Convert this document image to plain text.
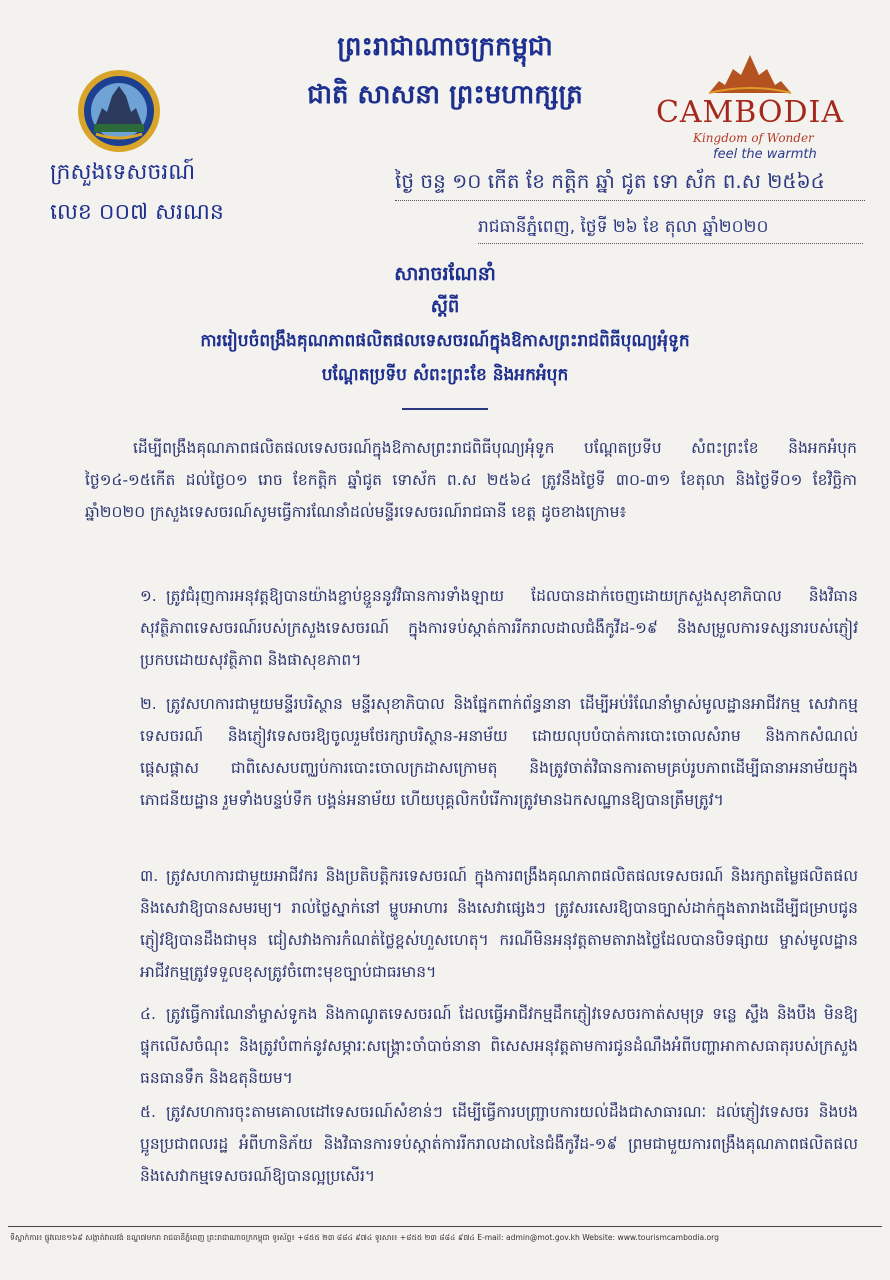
ព្រះរាជាណាចក្រកម្ពុជា
ជាតិ សាសនា ព្រះមហាក្សត្រ	CAMBODIA
Kingdom of Wonder
feel the warmth
ក្រសួងទេសចរណ៍
លេខ ០០៧ សរណន
ថ្ងៃ ចន្ទ ១០ កើត ខែ កត្តិក ឆ្នាំ ជូត ទោ ស័ក ព.ស ២៥៦៤
រាជធានីភ្នំពេញ, ថ្ងៃទី ២៦ ខែ តុលា ឆ្នាំ២០២០
សារាចរណែនាំ
ស្ដីពី
ការរៀបចំពង្រឹងគុណភាពផលិតផលទេសចរណ៍ក្នុងឱកាសព្រះរាជពិធីបុណ្យអុំទូក
បណ្ដែតប្រទីប សំពះព្រះខែ និងអកអំបុក
ដើម្បីពង្រឹងគុណភាពផលិតផលទេសចរណ៍ក្នុងឱកាសព្រះរាជពិធីបុណ្យអុំទូក បណ្ដែតប្រទីប សំពះព្រះខែ និងអកអំបុក ថ្ងៃ១៤-១៥កើត ដល់ថ្ងៃ០១ រោច ខែកត្តិក ឆ្នាំជូត ទោស័ក ព.ស ២៥៦៤ ត្រូវនឹងថ្ងៃទី ៣០-៣១ ខែតុលា និងថ្ងៃទី០១ ខែវិច្ឆិកា ឆ្នាំ២០២០ ក្រសួងទេសចរណ៍សូមធ្វើការណែនាំដល់មន្ទីរទេសចរណ៍រាជធានី ខេត្ត ដូចខាងក្រោម៖
១. ត្រូវជំរុញការអនុវត្តឱ្យបានយ៉ាងខ្ជាប់ខ្ជួននូវវិធានការទាំងឡាយ ដែលបានដាក់ចេញដោយក្រសួងសុខាភិបាល និងវិធានសុវត្ថិភាពទេសចរណ៍របស់ក្រសួងទេសចរណ៍ ក្នុងការទប់ស្កាត់ការរីករាលដាលជំងឺកូវីដ-១៩ និងសម្រួលការទស្សនារបស់ភ្ញៀវប្រកបដោយសុវត្ថិភាព និងផាសុខភាព។
២. ត្រូវសហការជាមួយមន្ទីរបរិស្ថាន មន្ទីរសុខាភិបាល និងផ្នែកពាក់ព័ន្ធនានា ដើម្បីអប់រំណែនាំម្ចាស់មូលដ្ឋានអាជីវកម្ម សេវាកម្មទេសចរណ៍ និងភ្ញៀវទេសចរឱ្យចូលរួមថែរក្សាបរិស្ថាន-អនាម័យ ដោយលុបបំបាត់ការបោះចោលសំរាម និងកាកសំណល់ផ្ដេសផ្ដាស ជាពិសេសបញ្ឈប់ការបោះចោលក្រដាសក្រោមតុ និងត្រូវចាត់វិធានការតាមគ្រប់រូបភាពដើម្បីធានាអនាម័យក្នុងភោជនីយដ្ឋាន រួមទាំងបន្ទប់ទឹក បង្គន់អនាម័យ ហើយបុគ្គលិកបំរើការត្រូវមានឯកសណ្ឋានឱ្យបានត្រឹមត្រូវ។
៣. ត្រូវសហការជាមួយអាជីវករ និងប្រតិបត្តិករទេសចរណ៍ ក្នុងការពង្រឹងគុណភាពផលិតផលទេសចរណ៍ និងរក្សាតម្លៃផលិតផល និងសេវាឱ្យបានសមរម្យ។ រាល់ថ្លៃស្នាក់នៅ ម្ហូបអាហារ និងសេវាផ្សេងៗ ត្រូវសរសេរឱ្យបានច្បាស់ដាក់ក្នុងតារាងដើម្បីជម្រាបជូនភ្ញៀវឱ្យបានដឹងជាមុន ជៀសវាងការកំណត់ថ្លៃខ្ពស់ហួសហេតុ។ ករណីមិនអនុវត្តតាមតារាងថ្លៃដែលបានបិទផ្សាយ ម្ចាស់មូលដ្ឋានអាជីវកម្មត្រូវទទួលខុសត្រូវចំពោះមុខច្បាប់ជាធរមាន។
៤. ត្រូវធ្វើការណែនាំម្ចាស់ទូកង និងកាណូតទេសចរណ៍ ដែលធ្វើអាជីវកម្មដឹកភ្ញៀវទេសចរកាត់សមុទ្រ ទន្លេ ស្ទឹង និងបឹង មិនឱ្យផ្ទុកលើសចំណុះ និងត្រូវបំពាក់នូវសម្ភារៈសង្គ្រោះចាំបាច់នានា ពិសេសអនុវត្តតាមការជូនដំណឹងអំពីបញ្ហាអាកាសធាតុរបស់ក្រសួងធនធានទឹក និងឧតុនិយម។
៥. ត្រូវសហការចុះតាមគោលដៅទេសចរណ៍សំខាន់ៗ ដើម្បីធ្វើការបញ្ជ្រាបការយល់ដឹងជាសាធារណៈ ដល់ភ្ញៀវទេសចរ និងបងប្អូនប្រជាពលរដ្ឋ អំពីហានិភ័យ និងវិធានការទប់ស្កាត់ការរីករាលដាលនៃជំងឺកូវីដ-១៩ ព្រមជាមួយការពង្រឹងគុណភាពផលិតផល និងសេវាកម្មទេសចរណ៍ឱ្យបានល្អប្រសើរ។
ទីស្នាក់ការ៖ ផ្លូវលេខ១៦៩ សង្កាត់វាលវង់ ខណ្ឌ៧មករា រាជធានីភ្នំពេញ ព្រះរាជាណាចក្រកម្ពុជា ទូរស័ព្ទ៖ +៨៥៥ ២៣ ៨៨៤ ៩៧៤ ទូរសារ៖ +៨៥៥ ២៣ ៨៨៤ ៩៧៤ E-mail: admin@mot.gov.kh Website: www.tourismcambodia.org
